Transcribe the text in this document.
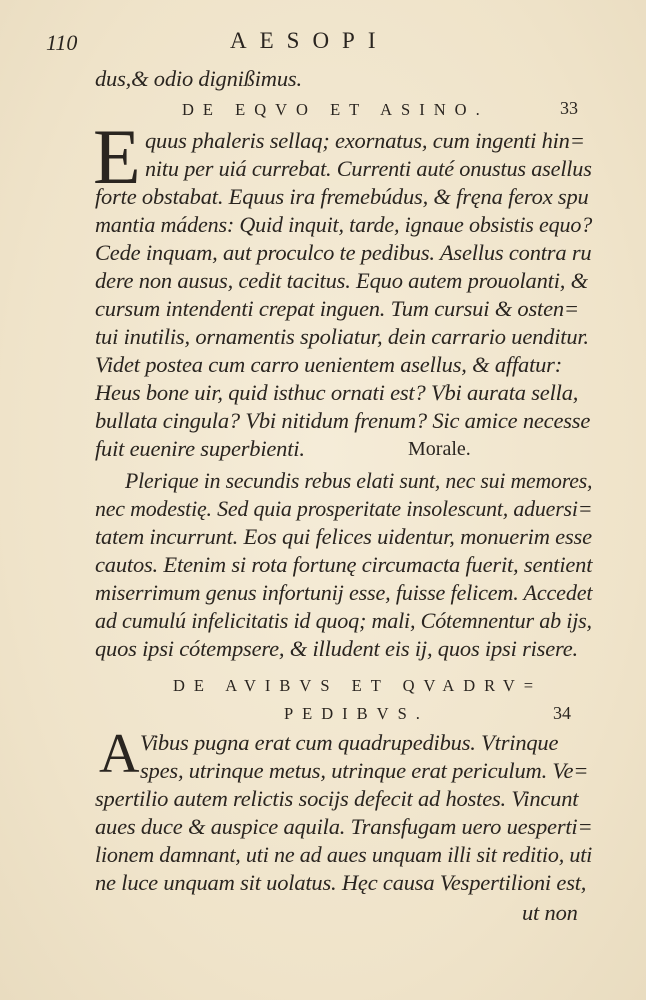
110	AESOPI
dus,& odio dignißimus.
DE EQVO ET ASINO.	33
E quus phaleris sellaq; exornatus, cum ingenti hin=
nitu per uiá currebat. Currenti auté onustus asellus
forte obstabat. Equus ira fremebúdus, & fręna ferox spu
mantia mádens: Quid inquit, tarde, ignaue obsistis equo?
Cede inquam, aut proculco te pedibus. Asellus contra ru
dere non ausus, cedit tacitus. Equo autem prouolanti, &
cursum intendenti crepat inguen. Tum cursui & osten=
tui inutilis, ornamentis spoliatur, dein carrario uenditur.
Videt postea cum carro uenientem asellus, & affatur:
Heus bone uir, quid isthuc ornati est? Vbi aurata sella,
bullata cingula? Vbi nitidum frenum? Sic amice necesse
fuit euenire superbienti.	Morale.
Plerique in secundis rebus elati sunt, nec sui memores,
nec modestię. Sed quia prosperitate insolescunt, aduersi=
tatem incurrunt. Eos qui felices uidentur, monuerim esse
cautos. Etenim si rota fortunę circumacta fuerit, sentient
miserrimum genus infortunij esse, fuisse felicem. Accedet
ad cumulú infelicitatis id quoq; mali, Cótemnentur ab ijs,
quos ipsi cótempsere, & illudent eis ij, quos ipsi risere.
DE AVIBVS ET QVADRV=
PEDIBVS.	34
A Vibus pugna erat cum quadrupedibus. Vtrinque
spes, utrinque metus, utrinque erat periculum. Ve=
spertilio autem relictis socijs defecit ad hostes. Vincunt
aues duce & auspice aquila. Transfugam uero uesperti=
lionem damnant, uti ne ad aues unquam illi sit reditio, uti
ne luce unquam sit uolatus. Hęc causa Vespertilioni est,
ut non
